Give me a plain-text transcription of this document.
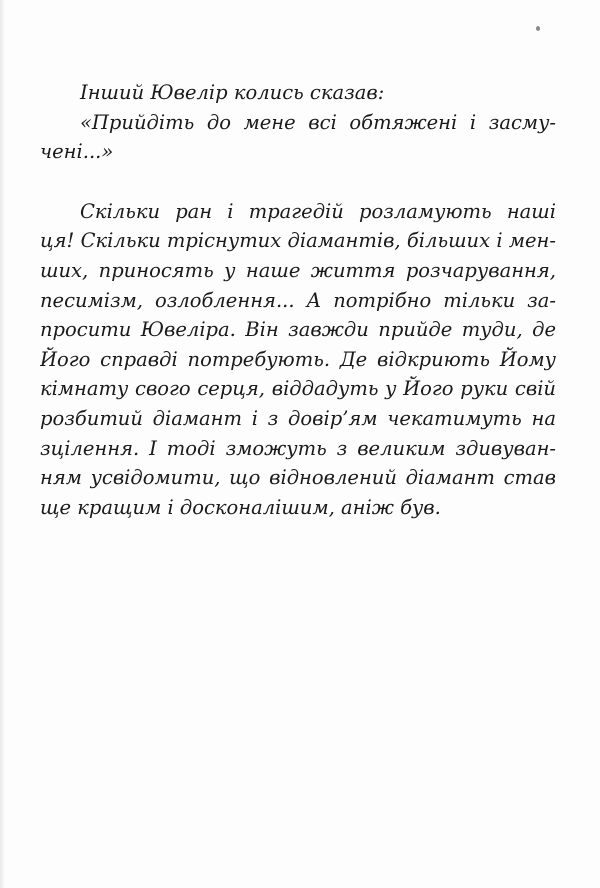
Інший Ювелір колись сказав:
«Прийдіть до мене всі обтяжені і засму-
чені...»
Скільки ран і трагедій розламують наші
ця! Скільки тріснутих діамантів, більших і мен-
ших, приносять у наше життя розчарування,
песимізм, озлоблення... А потрібно тільки за-
просити Ювеліра. Він завжди прийде туди, де
Його справді потребують. Де відкриють Йому
кімнату свого серця, віддадуть у Його руки свій
розбитий діамант і з довір’ям чекатимуть на
зцілення. І тоді зможуть з великим здивуван-
ням усвідомити, що відновлений діамант став
ще кращим і досконалішим, аніж був.
